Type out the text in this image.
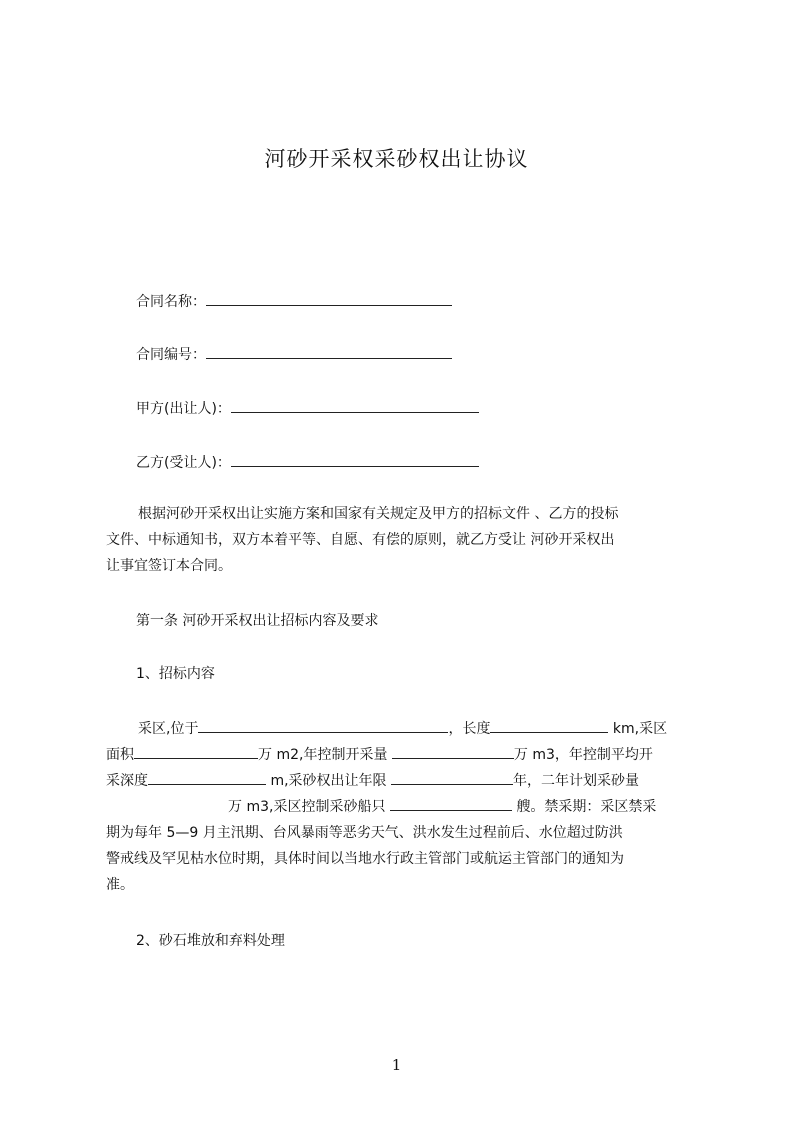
河砂开采权采砂权出让协议
合同名称：
合同编号：
甲方(出让人)：
乙方(受让人)：
根据河砂开采权出让实施方案和国家有关规定及甲方的招标文件 、乙方的投标
文件、中标通知书，双方本着平等、自愿、有偿的原则，就乙方受让 河砂开采权出
让事宜签订本合同。
第一条 河砂开采权出让招标内容及要求
1、招标内容
采区,位于	，长度	km,采区
面积	万 m2,年控制开采量	万 m3，年控制平均开
采深度	m,采砂权出让年限	年，二年计划采砂量
万 m3,采区控制采砂船只	艘。禁采期：采区禁采
期为每年 5—9 月主汛期、台风暴雨等恶劣天气、洪水发生过程前后、水位超过防洪
警戒线及罕见枯水位时期，具体时间以当地水行政主管部门或航运主管部门的通知为
准。
2、砂石堆放和弃料处理
1
